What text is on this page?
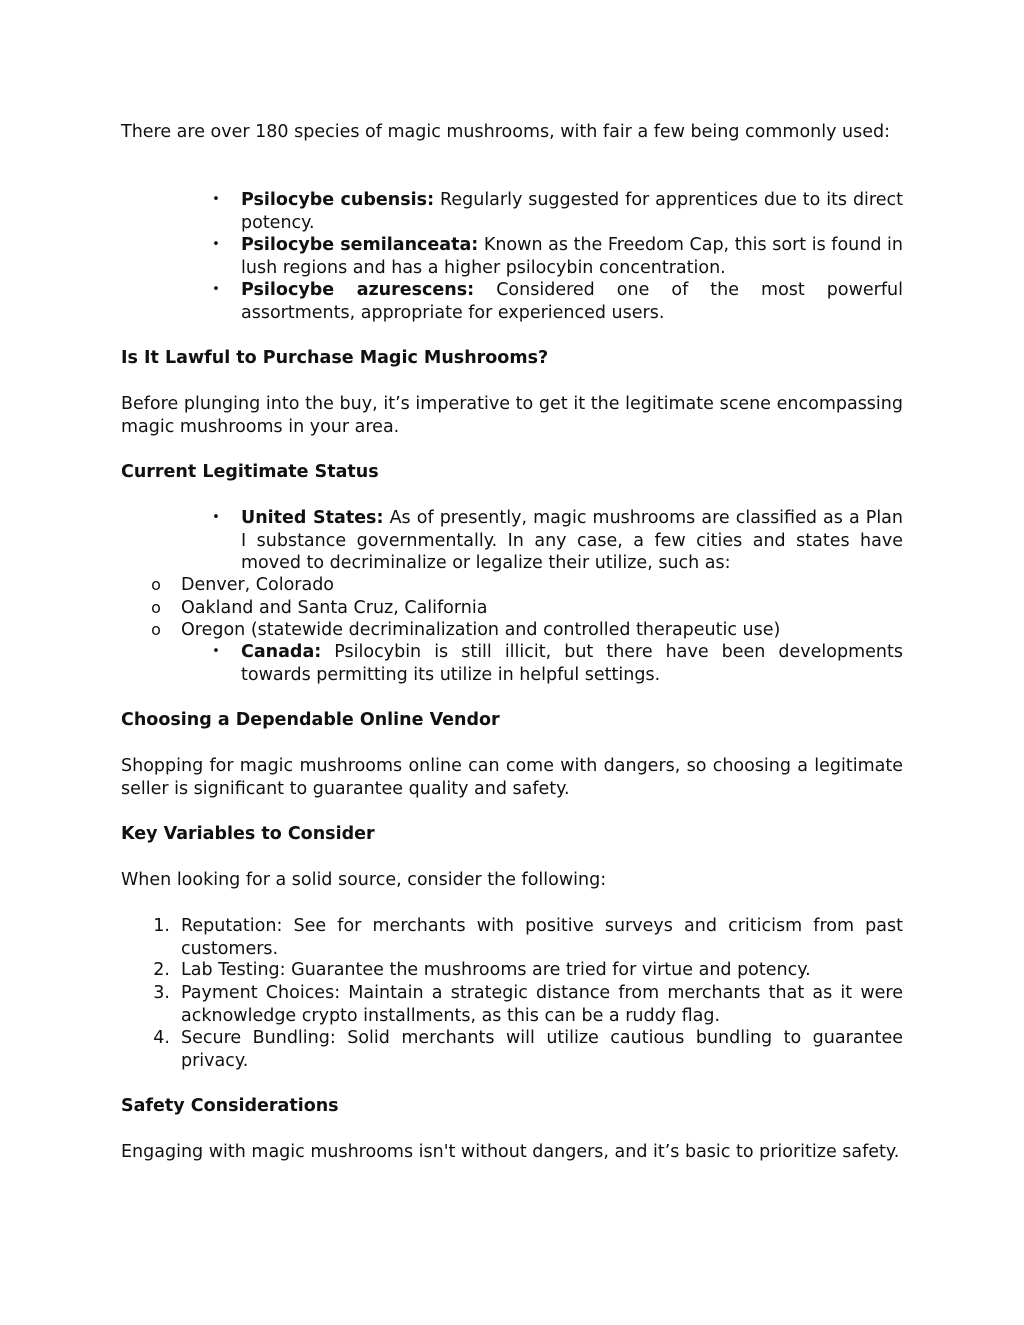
There are over 180 species of magic mushrooms, with fair a few being commonly used:
•	Psilocybe cubensis: Regularly suggested for apprentices due to its direct potency.
•	Psilocybe semilanceata: Known as the Freedom Cap, this sort is found in lush regions and has a higher psilocybin concentration.
•	Psilocybe azurescens: Considered one of the most powerful assortments, appropriate for experienced users.
Is It Lawful to Purchase Magic Mushrooms?
Before plunging into the buy, it’s imperative to get it the legitimate scene encompassing magic mushrooms in your area.
Current Legitimate Status
•	United States: As of presently, magic mushrooms are classified as a Plan I substance governmentally. In any case, a few cities and states have moved to decriminalize or legalize their utilize, such as:
o Denver, Colorado
o Oakland and Santa Cruz, California
o Oregon (statewide decriminalization and controlled therapeutic use)
•	Canada: Psilocybin is still illicit, but there have been developments towards permitting its utilize in helpful settings.
Choosing a Dependable Online Vendor
Shopping for magic mushrooms online can come with dangers, so choosing a legitimate seller is significant to guarantee quality and safety.
Key Variables to Consider
When looking for a solid source, consider the following:
1. Reputation: See for merchants with positive surveys and criticism from past customers.
2. Lab Testing: Guarantee the mushrooms are tried for virtue and potency.
3. Payment Choices: Maintain a strategic distance from merchants that as it were acknowledge crypto installments, as this can be a ruddy flag.
4. Secure Bundling: Solid merchants will utilize cautious bundling to guarantee privacy.
Safety Considerations
Engaging with magic mushrooms isn't without dangers, and it’s basic to prioritize safety.
